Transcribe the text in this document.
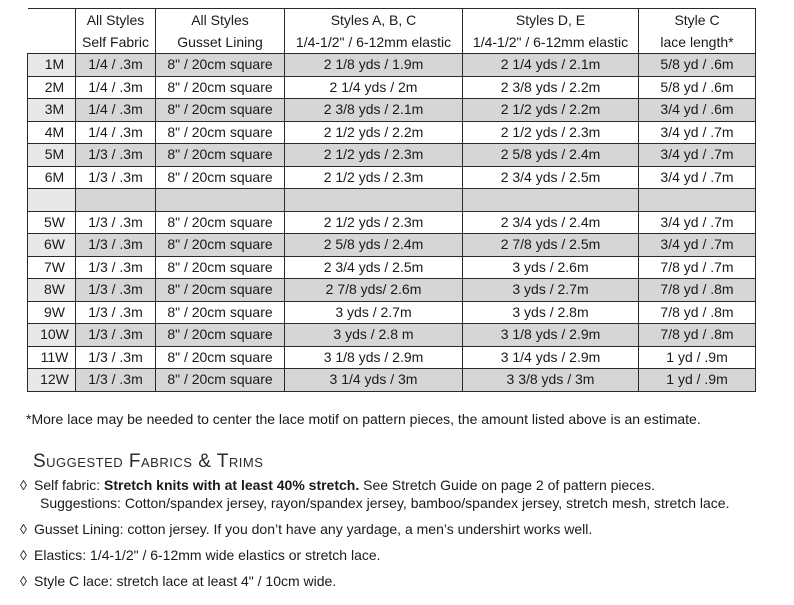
	All Styles	All Styles	Styles A, B, C	Styles D, E	Style C
	Self Fabric	Gusset Lining	1/4-1/2" / 6-12mm elastic	1/4-1/2" / 6-12mm elastic	lace length*
1M	1/4 / .3m	8" / 20cm square	2 1/8 yds / 1.9m	2 1/4 yds / 2.1m	5/8 yd / .6m
2M	1/4 / .3m	8" / 20cm square	2 1/4 yds / 2m	2 3/8 yds / 2.2m	5/8 yd / .6m
3M	1/4 / .3m	8" / 20cm square	2 3/8 yds / 2.1m	2 1/2 yds / 2.2m	3/4 yd / .6m
4M	1/4 / .3m	8" / 20cm square	2 1/2 yds / 2.2m	2 1/2 yds / 2.3m	3/4 yd / .7m
5M	1/3 / .3m	8" / 20cm square	2 1/2 yds / 2.3m	2 5/8 yds / 2.4m	3/4 yd / .7m
6M	1/3 / .3m	8" / 20cm square	2 1/2 yds / 2.3m	2 3/4 yds / 2.5m	3/4 yd / .7m

5W	1/3 / .3m	8" / 20cm square	2 1/2 yds / 2.3m	2 3/4 yds / 2.4m	3/4 yd / .7m
6W	1/3 / .3m	8" / 20cm square	2 5/8 yds / 2.4m	2 7/8 yds / 2.5m	3/4 yd / .7m
7W	1/3 / .3m	8" / 20cm square	2 3/4 yds / 2.5m	3 yds / 2.6m	7/8 yd / .7m
8W	1/3 / .3m	8" / 20cm square	2 7/8 yds/ 2.6m	3 yds / 2.7m	7/8 yd / .8m
9W	1/3 / .3m	8" / 20cm square	3 yds / 2.7m	3 yds / 2.8m	7/8 yd / .8m
10W	1/3 / .3m	8" / 20cm square	3 yds / 2.8 m	3 1/8 yds / 2.9m	7/8 yd / .8m
11W	1/3 / .3m	8" / 20cm square	3 1/8 yds / 2.9m	3 1/4 yds / 2.9m	1 yd / .9m
12W	1/3 / .3m	8" / 20cm square	3 1/4 yds / 3m	3 3/8 yds / 3m	1 yd / .9m
*More lace may be needed to center the lace motif on pattern pieces, the amount listed above is an estimate.
Suggested Fabrics & Trims
◊ Self fabric: Stretch knits with at least 40% stretch. See Stretch Guide on page 2 of pattern pieces.
Suggestions: Cotton/spandex jersey, rayon/spandex jersey, bamboo/spandex jersey, stretch mesh, stretch lace.
◊ Gusset Lining: cotton jersey. If you don’t have any yardage, a men’s undershirt works well.
◊ Elastics: 1/4-1/2" / 6-12mm wide elastics or stretch lace.
◊ Style C lace: stretch lace at least 4" / 10cm wide.
